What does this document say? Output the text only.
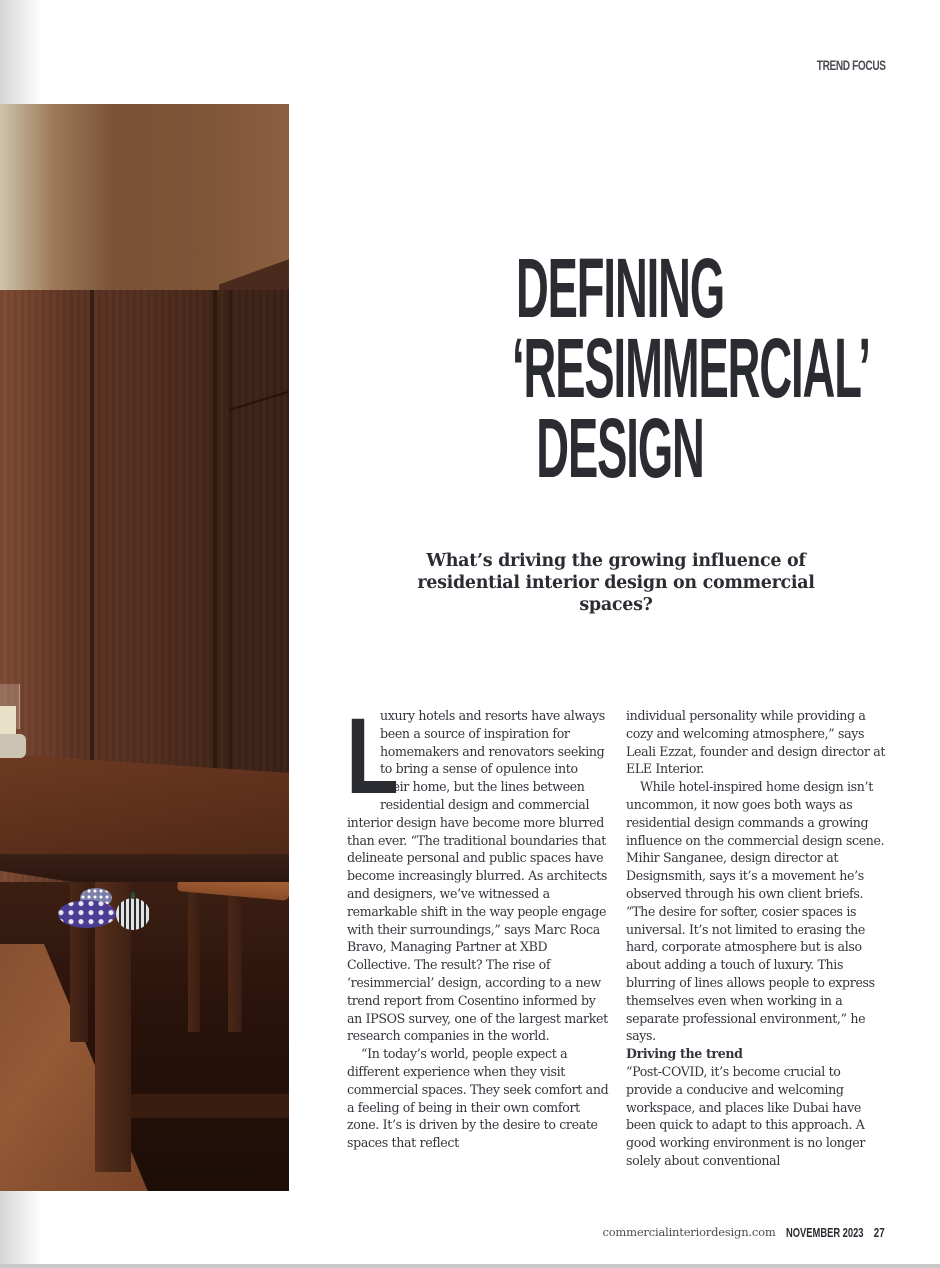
TREND FOCUS
DEFINING
‘RESIMMERCIAL’
DESIGN

What’s driving the growing influence of residential interior design on commercial spaces?

L
uxury hotels and resorts have always been a source of inspiration for homemakers and renovators seeking to bring a sense of opulence into their home, but the lines between residential design and commercial interior design have become more blurred than ever. “The traditional boundaries that delineate personal and public spaces have become increasingly blurred. As architects and designers, we’ve witnessed a remarkable shift in the way people engage with their surroundings,” says Marc Roca Bravo, Managing Partner at XBD Collective. The result? The rise of ‘resimmercial’ design, according to a new trend report from Cosentino informed by an IPSOS survey, one of the largest market research companies in the world.

“In today’s world, people expect a different experience when they visit commercial spaces. They seek comfort and a feeling of being in their own comfort zone. It’s is driven by the desire to create spaces that reflect

individual personality while providing a cozy and welcoming atmosphere,” says Leali Ezzat, founder and design director at ELE Interior.

While hotel-inspired home design isn’t uncommon, it now goes both ways as residential design commands a growing influence on the commercial design scene. Mihir Sanganee, design director at Designsmith, says it’s a movement he’s observed through his own client briefs. “The desire for softer, cosier spaces is universal. It’s not limited to erasing the hard, corporate atmosphere but is also about adding a touch of luxury. This blurring of lines allows people to express themselves even when working in a separate professional environment,” he says.

Driving the trend

“Post-COVID, it’s become crucial to provide a conducive and welcoming workspace, and places like Dubai have been quick to adapt to this approach. A good working environment is no longer solely about conventional

commercialinteriordesign.com NOVEMBER 2023 27
